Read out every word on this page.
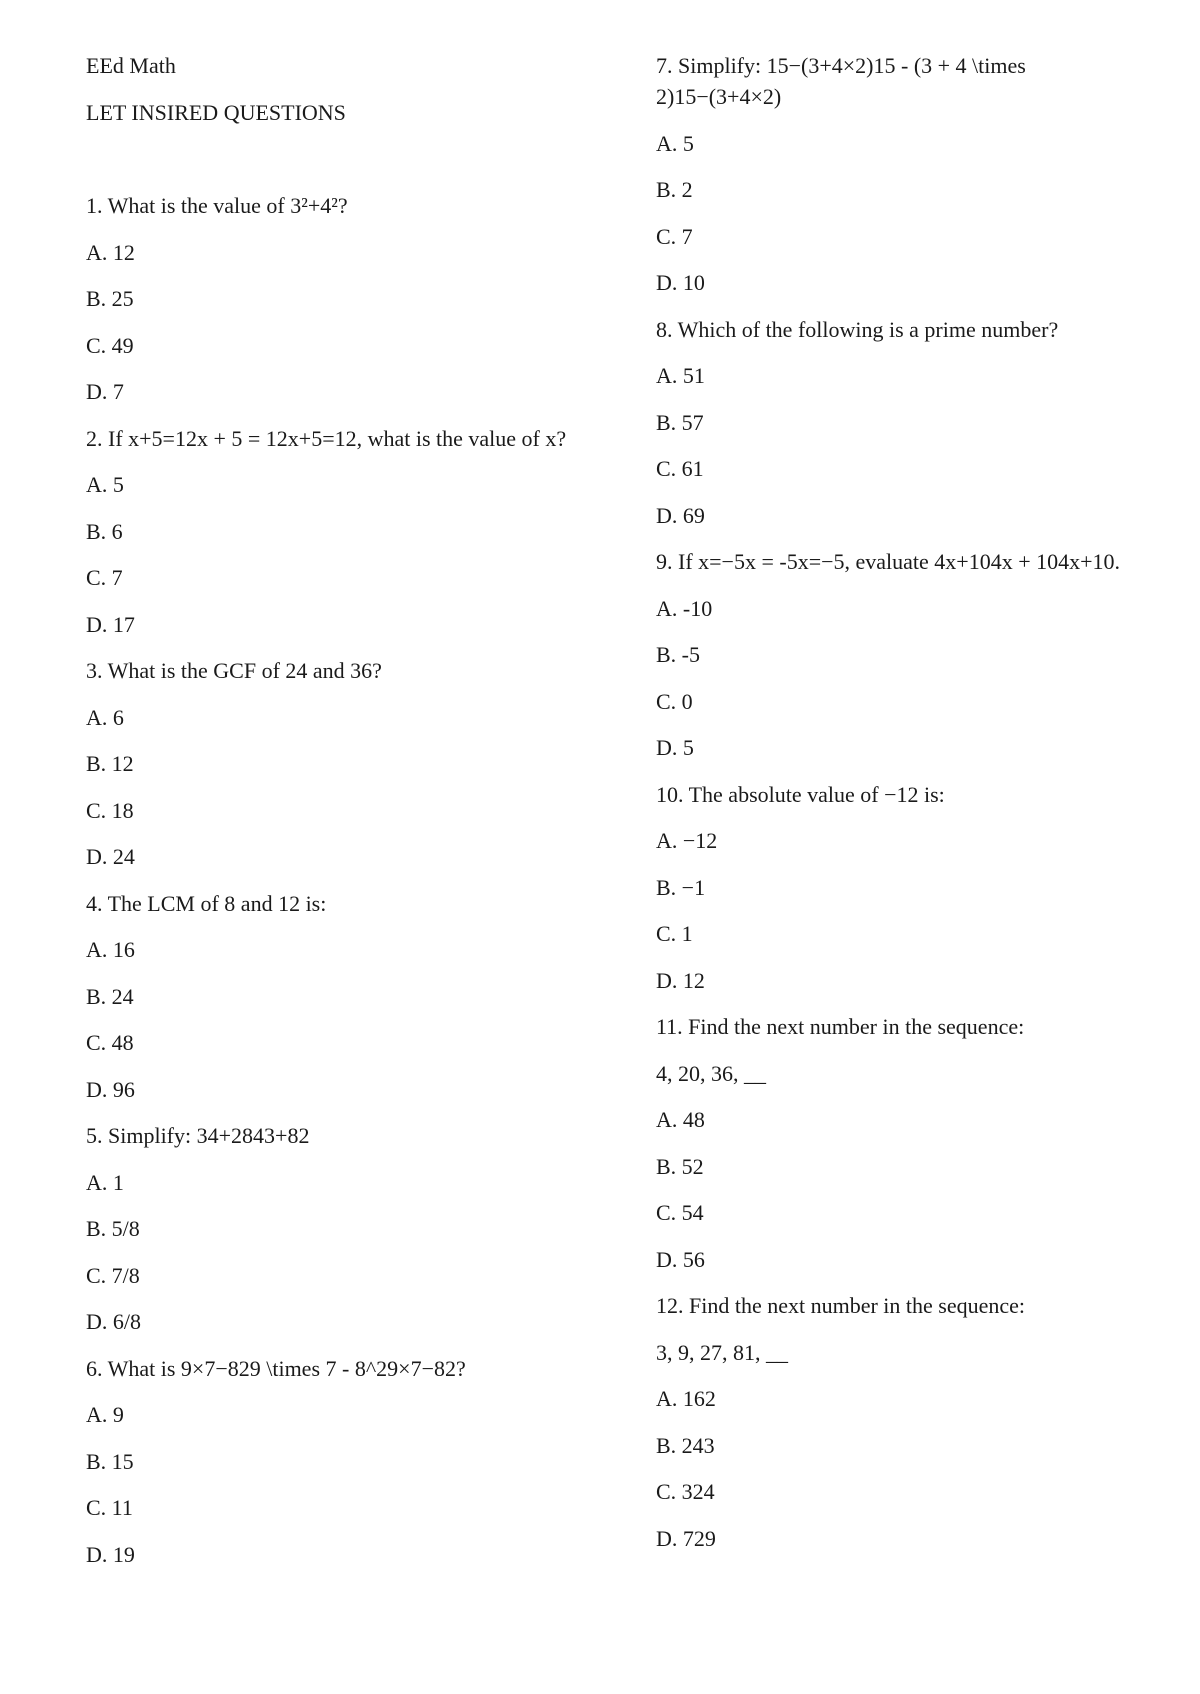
EEd Math
LET INSIRED QUESTIONS
1. What is the value of 3²+4²?
A. 12
B. 25
C. 49
D. 7
2. If x+5=12x + 5 = 12x+5=12, what is the value of x?
A. 5
B. 6
C. 7
D. 17
3. What is the GCF of 24 and 36?
A. 6
B. 12
C. 18
D. 24
4. The LCM of 8 and 12 is:
A. 16
B. 24
C. 48
D. 96
5. Simplify: 34+2843+82
A. 1
B. 5/8
C. 7/8
D. 6/8
6. What is 9×7−829 \times 7 - 8^29×7−82?
A. 9
B. 15
C. 11
D. 19
7. Simplify: 15−(3+4×2)15 - (3 + 4 \times 2)15−(3+4×2)
A. 5
B. 2
C. 7
D. 10
8. Which of the following is a prime number?
A. 51
B. 57
C. 61
D. 69
9. If x=−5x = -5x=−5, evaluate 4x+104x + 104x+10.
A. -10
B. -5
C. 0
D. 5
10. The absolute value of −12 is:
A. −12
B. −1
C. 1
D. 12
11. Find the next number in the sequence:
4, 20, 36, __
A. 48
B. 52
C. 54
D. 56
12. Find the next number in the sequence:
3, 9, 27, 81, __
A. 162
B. 243
C. 324
D. 729
